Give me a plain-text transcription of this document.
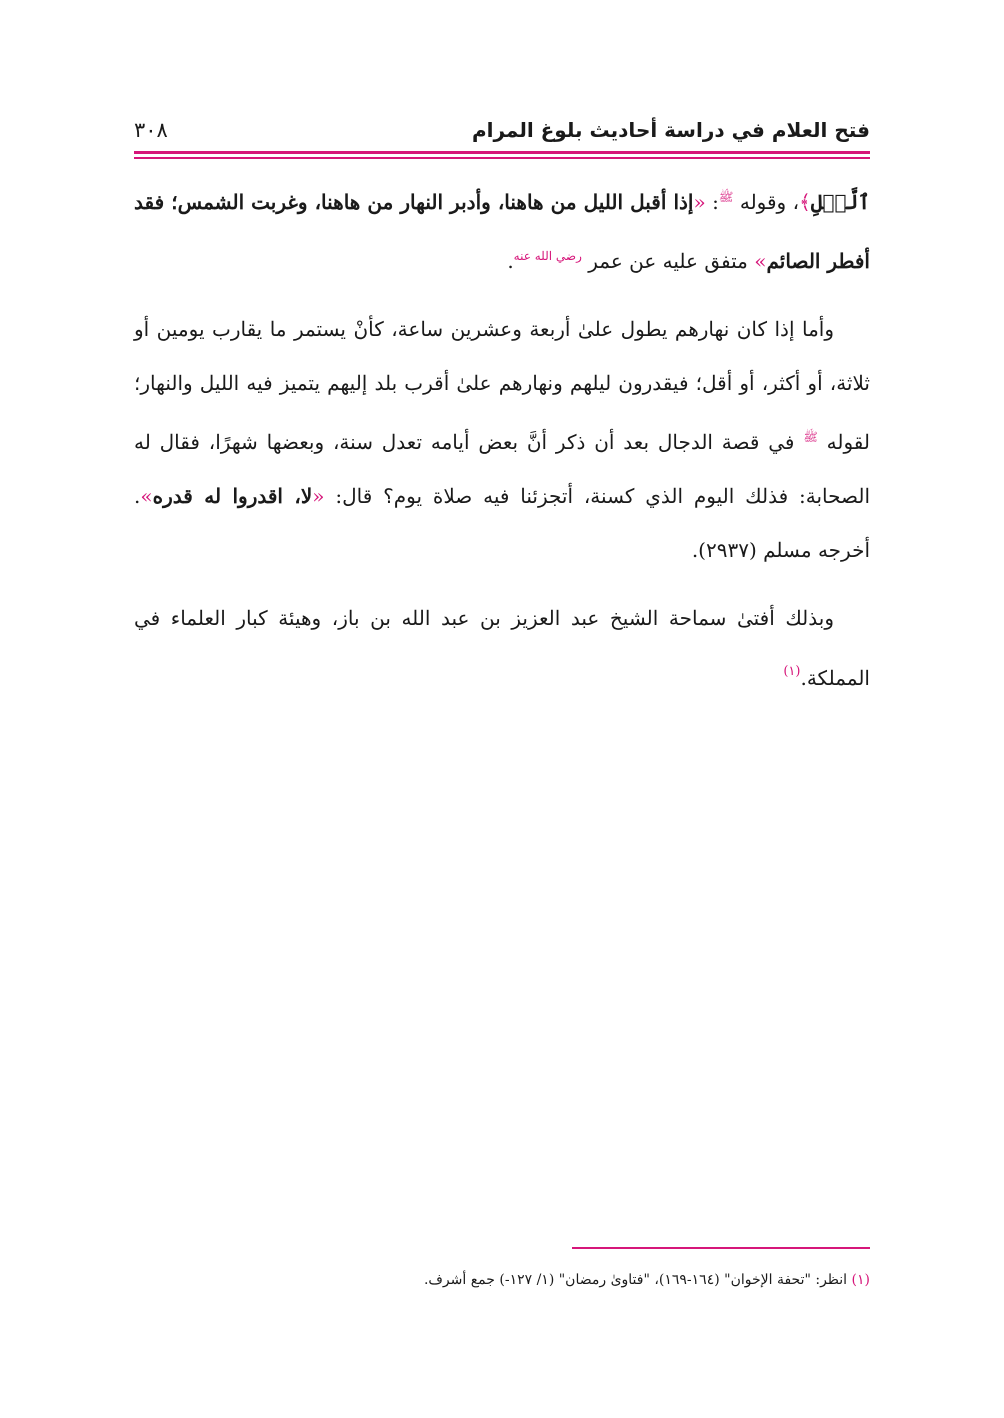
فتح العلام في دراسة أحاديث بلوغ المرام
٣٠٨

ٱلَّيۡلِ﴾، وقوله $^ﷺ$: «إذا أقبل الليل من هاهنا، وأدبر النهار من هاهنا، وغربت الشمس؛ فقد أفطر الصائم» متفق عليه عن عمر $^{رضي الله عنه}$.

وأما إذا كان نهارهم يطول علىٰ أربعة وعشرين ساعة، كأنْ يستمر ما يقارب يومين أو ثلاثة، أو أكثر، أو أقل؛ فيقدرون ليلهم ونهارهم علىٰ أقرب بلد إليهم يتميز فيه الليل والنهار؛ لقوله $^ﷺ$ في قصة الدجال بعد أن ذكر أنَّ بعض أيامه تعدل سنة، وبعضها شهرًا، فقال له الصحابة: فذلك اليوم الذي كسنة، أتجزئنا فيه صلاة يوم؟ قال: «لا، اقدروا له قدره». أخرجه مسلم (٢٩٣٧).

وبذلك أفتىٰ سماحة الشيخ عبد العزيز بن عبد الله بن باز، وهيئة كبار العلماء في المملكة.$^{(١)}$

(١) انظر: "تحفة الإخوان" (١٦٤-١٦٩)، "فتاوىٰ رمضان" (١/ ١٢٧-) جمع أشرف.
